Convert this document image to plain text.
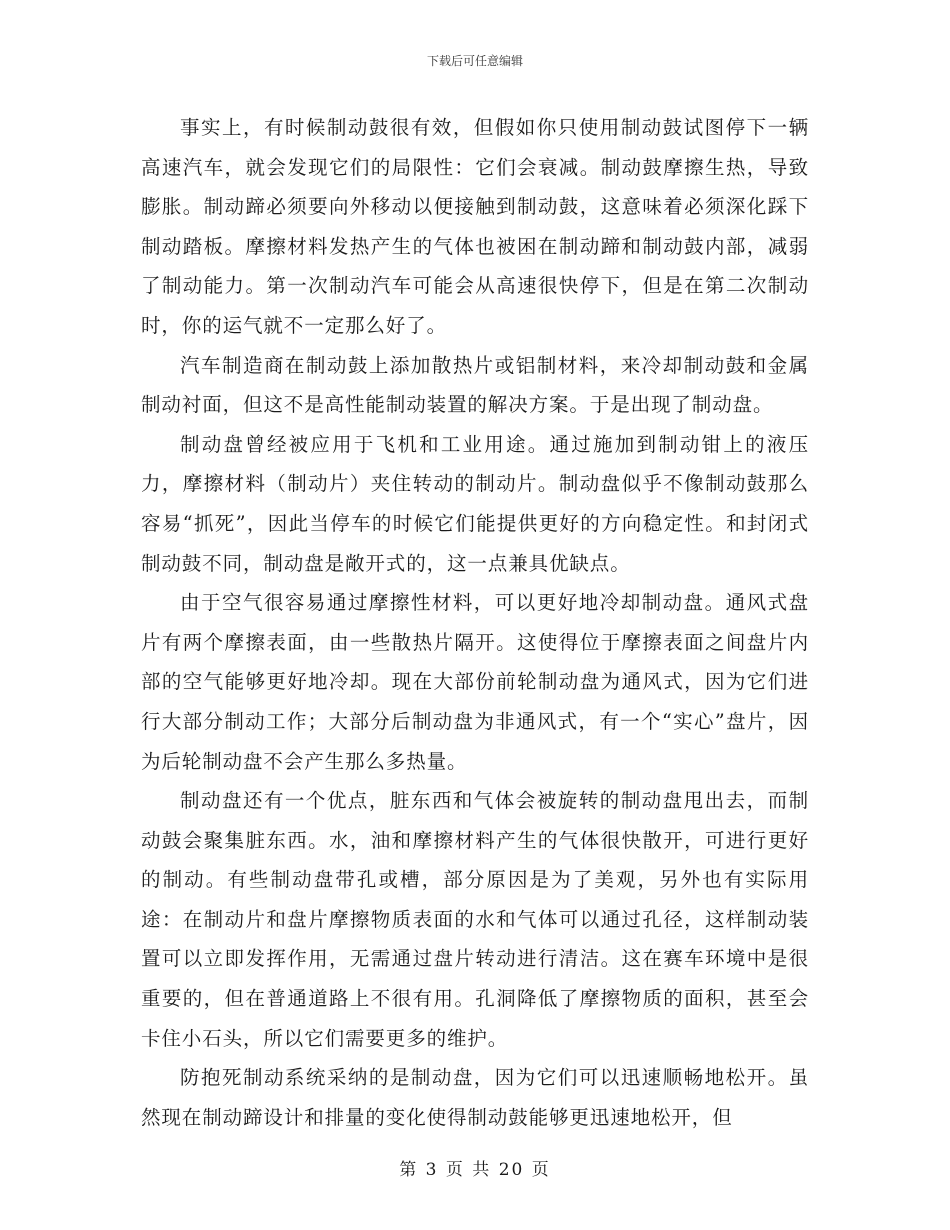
下载后可任意编辑

事实上，有时候制动鼓很有效，但假如你只使用制动鼓试图停下一辆高速汽车，就会发现它们的局限性：它们会衰减。制动鼓摩擦生热，导致膨胀。制动蹄必须要向外移动以便接触到制动鼓，这意味着必须深化踩下制动踏板。摩擦材料发热产生的气体也被困在制动蹄和制动鼓内部，减弱了制动能力。第一次制动汽车可能会从高速很快停下，但是在第二次制动时，你的运气就不一定那么好了。

汽车制造商在制动鼓上添加散热片或铝制材料，来冷却制动鼓和金属制动衬面，但这不是高性能制动装置的解决方案。于是出现了制动盘。

制动盘曾经被应用于飞机和工业用途。通过施加到制动钳上的液压力，摩擦材料（制动片）夹住转动的制动片。制动盘似乎不像制动鼓那么容易“抓死”，因此当停车的时候它们能提供更好的方向稳定性。和封闭式制动鼓不同，制动盘是敞开式的，这一点兼具优缺点。

由于空气很容易通过摩擦性材料，可以更好地冷却制动盘。通风式盘片有两个摩擦表面，由一些散热片隔开。这使得位于摩擦表面之间盘片内部的空气能够更好地冷却。现在大部份前轮制动盘为通风式，因为它们进行大部分制动工作；大部分后制动盘为非通风式，有一个“实心”盘片，因为后轮制动盘不会产生那么多热量。

制动盘还有一个优点，脏东西和气体会被旋转的制动盘甩出去，而制动鼓会聚集脏东西。水，油和摩擦材料产生的气体很快散开，可进行更好的制动。有些制动盘带孔或槽，部分原因是为了美观，另外也有实际用途：在制动片和盘片摩擦物质表面的水和气体可以通过孔径，这样制动装置可以立即发挥作用，无需通过盘片转动进行清洁。这在赛车环境中是很重要的，但在普通道路上不很有用。孔洞降低了摩擦物质的面积，甚至会卡住小石头，所以它们需要更多的维护。

防抱死制动系统采纳的是制动盘，因为它们可以迅速顺畅地松开。虽然现在制动蹄设计和排量的变化使得制动鼓能够更迅速地松开，但

第 3 页 共 20 页
